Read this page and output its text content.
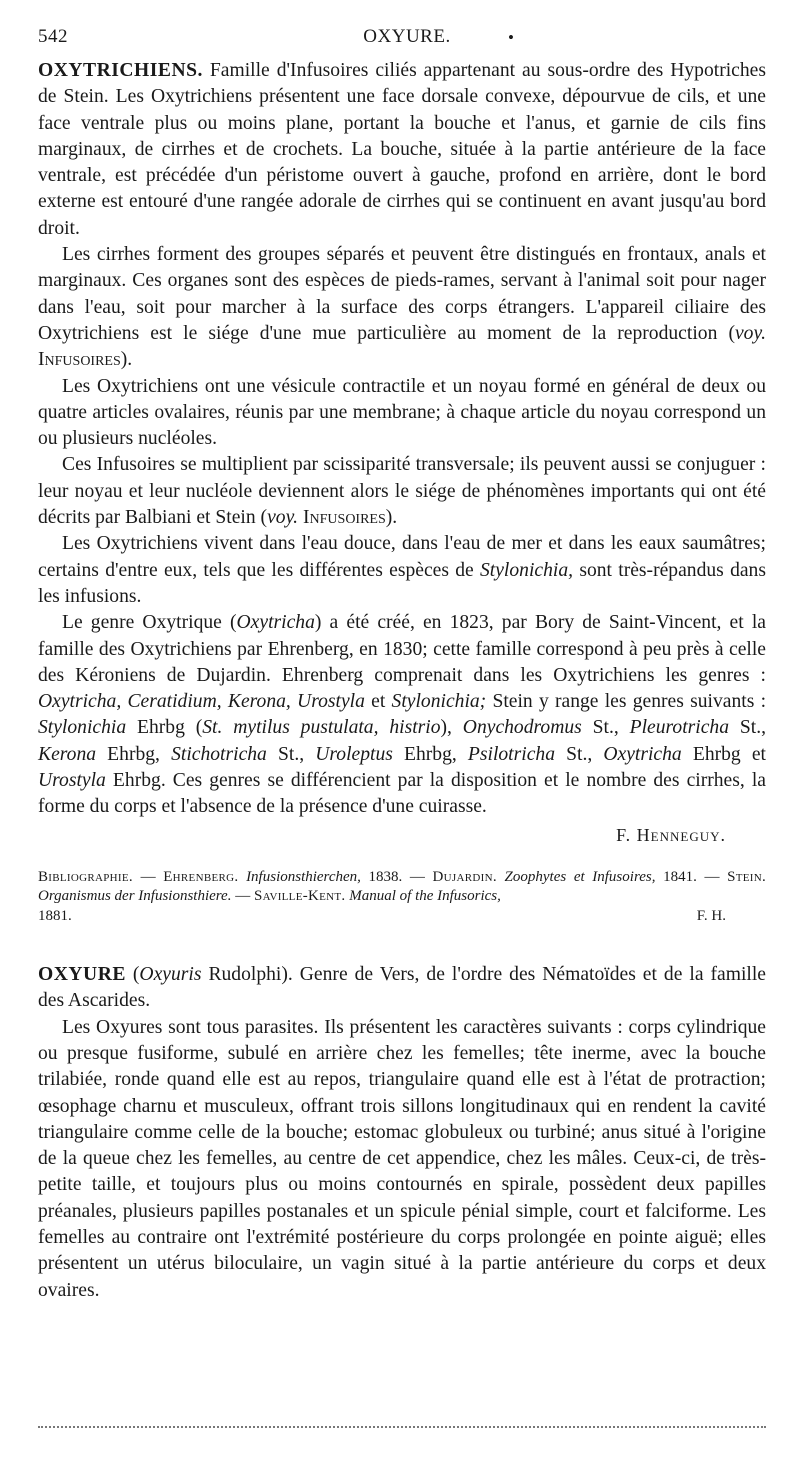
542	OXYURE.	•

OXYTRICHIENS. Famille d'Infusoires ciliés appartenant au sous-ordre des Hypotriches de Stein. Les Oxytrichiens présentent une face dorsale convexe, dépourvue de cils, et une face ventrale plus ou moins plane, portant la bouche et l'anus, et garnie de cils fins marginaux, de cirrhes et de crochets. La bouche, située à la partie antérieure de la face ventrale, est précédée d'un péristome ouvert à gauche, profond en arrière, dont le bord externe est entouré d'une rangée adorale de cirrhes qui se continuent en avant jusqu'au bord droit.

Les cirrhes forment des groupes séparés et peuvent être distingués en frontaux, anals et marginaux. Ces organes sont des espèces de pieds-rames, servant à l'animal soit pour nager dans l'eau, soit pour marcher à la surface des corps étrangers. L'appareil ciliaire des Oxytrichiens est le siége d'une mue particulière au moment de la reproduction (voy. Infusoires).

Les Oxytrichiens ont une vésicule contractile et un noyau formé en général de deux ou quatre articles ovalaires, réunis par une membrane; à chaque article du noyau correspond un ou plusieurs nucléoles.

Ces Infusoires se multiplient par scissiparité transversale; ils peuvent aussi se conjuguer : leur noyau et leur nucléole deviennent alors le siége de phénomènes importants qui ont été décrits par Balbiani et Stein (voy. Infusoires).

Les Oxytrichiens vivent dans l'eau douce, dans l'eau de mer et dans les eaux saumâtres; certains d'entre eux, tels que les différentes espèces de Stylonichia, sont très-répandus dans les infusions.

Le genre Oxytrique (Oxytricha) a été créé, en 1823, par Bory de Saint-Vincent, et la famille des Oxytrichiens par Ehrenberg, en 1830; cette famille correspond à peu près à celle des Kéroniens de Dujardin. Ehrenberg comprenait dans les Oxytrichiens les genres : Oxytricha, Ceratidium, Kerona, Urostyla et Stylonichia; Stein y range les genres suivants : Stylonichia Ehrbg (St. mytilus pustulata, histrio), Onychodromus St., Pleurotricha St., Kerona Ehrbg, Stichotricha St., Uroleptus Ehrbg, Psilotricha St., Oxytricha Ehrbg et Urostyla Ehrbg. Ces genres se différencient par la disposition et le nombre des cirrhes, la forme du corps et l'absence de la présence d'une cuirasse.

F. Henneguy.
Bibliographie. — Ehrenberg. Infusionsthierchen, 1838. — Dujardin. Zoophytes et Infusoires, 1841. — Stein. Organismus der Infusionsthiere. — Saville-Kent. Manual of the Infusorics,
1881.	F. H.

OXYURE (Oxyuris Rudolphi). Genre de Vers, de l'ordre des Nématoïdes et de la famille des Ascarides.

Les Oxyures sont tous parasites. Ils présentent les caractères suivants : corps cylindrique ou presque fusiforme, subulé en arrière chez les femelles; tête inerme, avec la bouche trilabiée, ronde quand elle est au repos, triangulaire quand elle est à l'état de protraction; œsophage charnu et musculeux, offrant trois sillons longitudinaux qui en rendent la cavité triangulaire comme celle de la bouche; estomac globuleux ou turbiné; anus situé à l'origine de la queue chez les femelles, au centre de cet appendice, chez les mâles. Ceux-ci, de très-petite taille, et toujours plus ou moins contournés en spirale, possèdent deux papilles préanales, plusieurs papilles postanales et un spicule pénial simple, court et falciforme. Les femelles au contraire ont l'extrémité postérieure du corps prolongée en pointe aiguë; elles présentent un utérus biloculaire, un vagin situé à la partie antérieure du corps et deux ovaires.
